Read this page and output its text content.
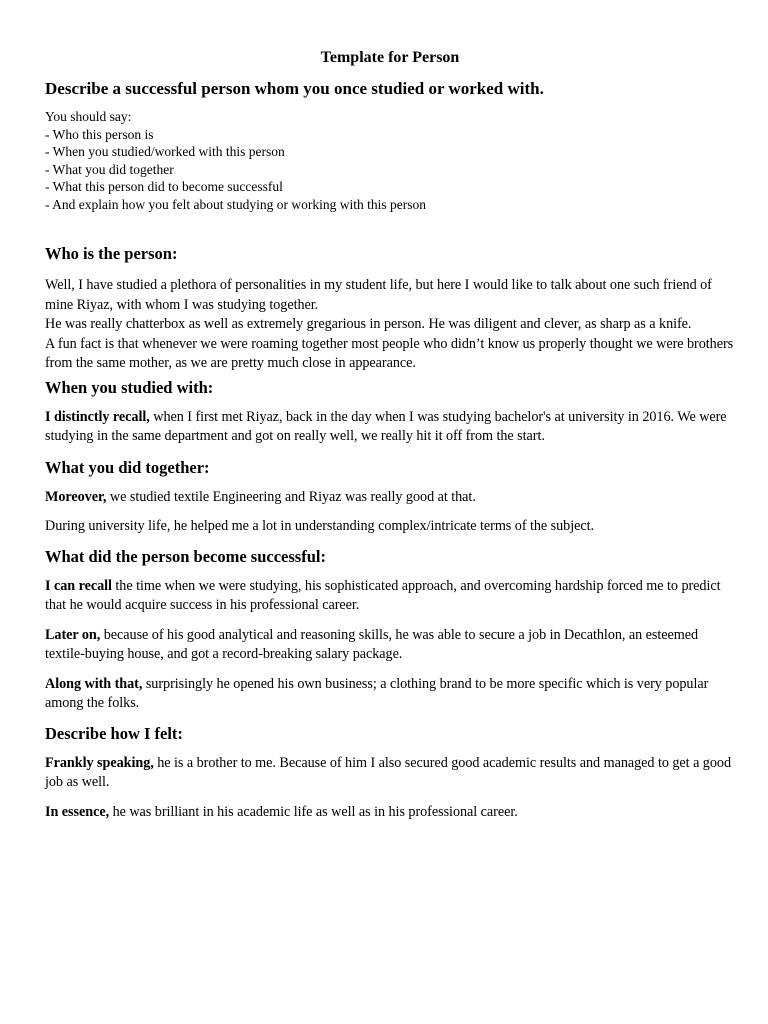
Template for Person
Describe a successful person whom you once studied or worked with.
You should say:
- Who this person is
- When you studied/worked with this person
- What you did together
- What this person did to become successful
- And explain how you felt about studying or working with this person
Who is the person:

Well, I have studied a plethora of personalities in my student life, but here I would like to talk about one such friend of mine Riyaz, with whom I was studying together.

He was really chatterbox as well as extremely gregarious in person. He was diligent and clever, as sharp as a knife.

A fun fact is that whenever we were roaming together most people who didn’t know us properly thought we were brothers from the same mother, as we are pretty much close in appearance.

When you studied with:

I distinctly recall, when I first met Riyaz, back in the day when I was studying bachelor's at university in 2016. We were studying in the same department and got on really well, we really hit it off from the start.

What you did together:

Moreover, we studied textile Engineering and Riyaz was really good at that.

During university life, he helped me a lot in understanding complex/intricate terms of the subject.

What did the person become successful:

I can recall the time when we were studying, his sophisticated approach, and overcoming hardship forced me to predict that he would acquire success in his professional career.

Later on, because of his good analytical and reasoning skills, he was able to secure a job in Decathlon, an esteemed textile-buying house, and got a record-breaking salary package.

Along with that, surprisingly he opened his own business; a clothing brand to be more specific which is very popular among the folks.

Describe how I felt:

Frankly speaking, he is a brother to me. Because of him I also secured good academic results and managed to get a good job as well.

In essence, he was brilliant in his academic life as well as in his professional career.
